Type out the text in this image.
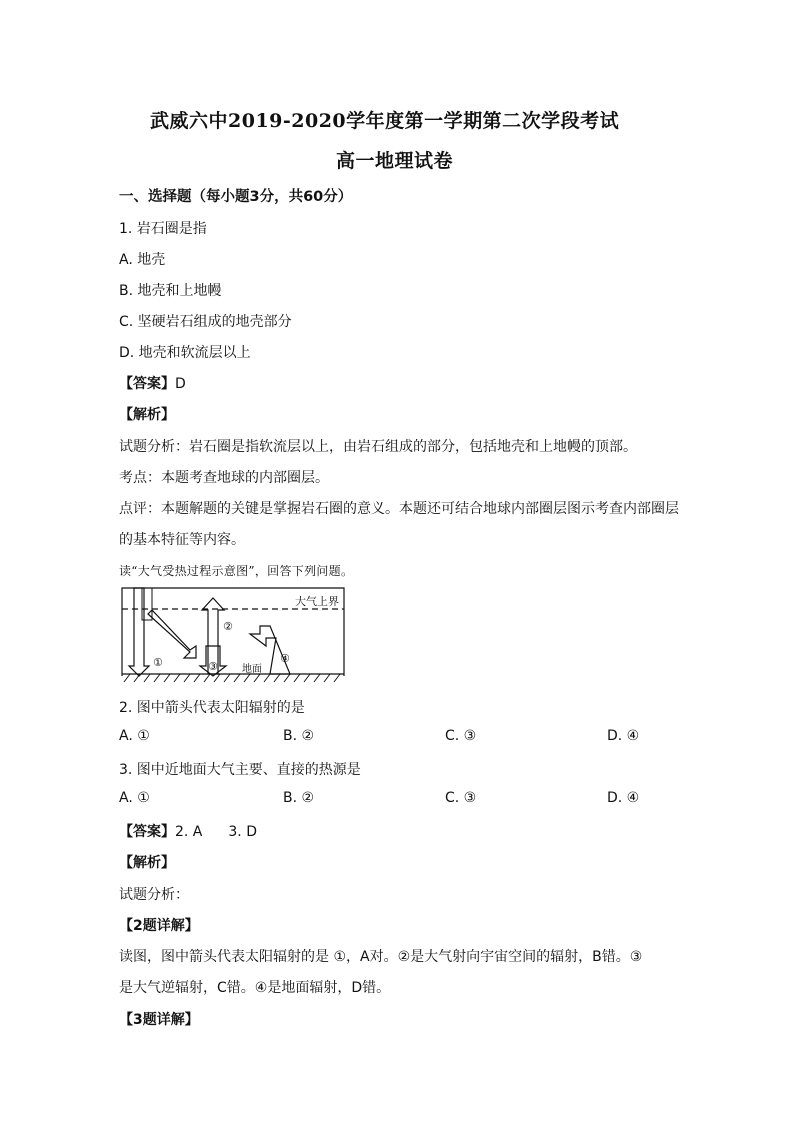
武威六中2019-2020学年度第一学期第二次学段考试
高一地理试卷
一、选择题（每小题3分，共60分）
1. 岩石圈是指
A. 地壳
B. 地壳和上地幔
C. 坚硬岩石组成的地壳部分
D. 地壳和软流层以上
【答案】D
【解析】
试题分析：岩石圈是指软流层以上，由岩石组成的部分，包括地壳和上地幔的顶部。
考点：本题考查地球的内部圈层。
点评：本题解题的关键是掌握岩石圈的意义。本题还可结合地球内部圈层图示考查内部圈层
的基本特征等内容。
读“大气受热过程示意图”，回答下列问题。
大气上界
地面
①
②
③
④
2. 图中箭头代表太阳辐射的是
A. ①	B. ②	C. ③	D. ④
3. 图中近地面大气主要、直接的热源是
A. ①	B. ②	C. ③	D. ④
【答案】2. A 3. D
【解析】
试题分析：
【2题详解】
读图，图中箭头代表太阳辐射的是 ①，A对。②是大气射向宇宙空间的辐射，B错。③
是大气逆辐射，C错。④是地面辐射，D错。
【3题详解】
